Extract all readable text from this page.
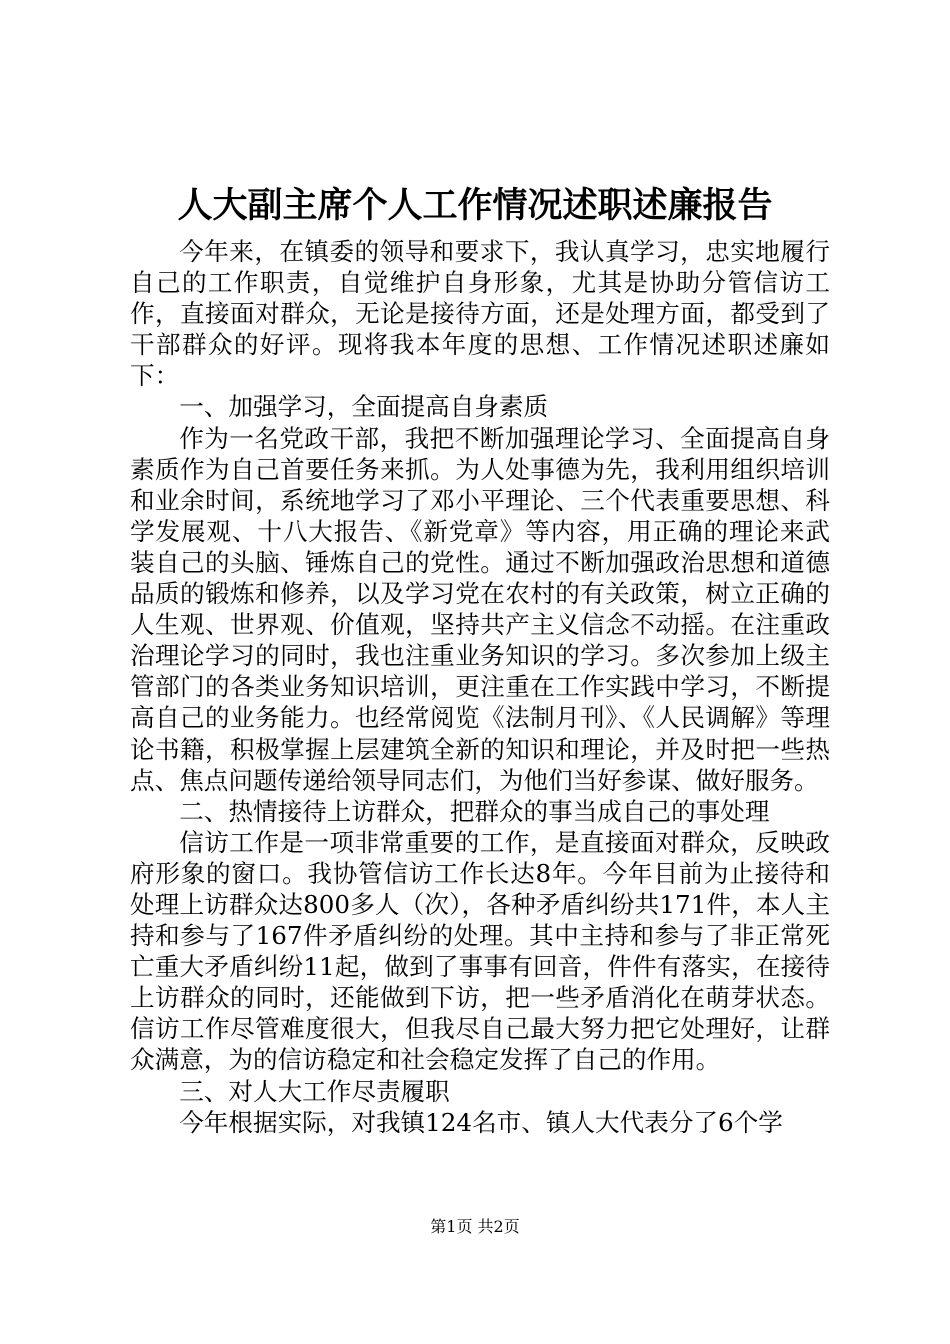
人大副主席个人工作情况述职述廉报告

今年来，在镇委的领导和要求下，我认真学习，忠实地履行自己的工作职责，自觉维护自身形象，尤其是协助分管信访工作，直接面对群众，无论是接待方面，还是处理方面，都受到了干部群众的好评。现将我本年度的思想、工作情况述职述廉如下：

一、加强学习，全面提高自身素质

作为一名党政干部，我把不断加强理论学习、全面提高自身素质作为自己首要任务来抓。为人处事德为先，我利用组织培训和业余时间，系统地学习了邓小平理论、三个代表重要思想、科学发展观、十八大报告、《新党章》等内容，用正确的理论来武装自己的头脑、锤炼自己的党性。通过不断加强政治思想和道德品质的锻炼和修养，以及学习党在农村的有关政策，树立正确的人生观、世界观、价值观，坚持共产主义信念不动摇。在注重政治理论学习的同时，我也注重业务知识的学习。多次参加上级主管部门的各类业务知识培训，更注重在工作实践中学习，不断提高自己的业务能力。也经常阅览《法制月刊》、《人民调解》等理论书籍，积极掌握上层建筑全新的知识和理论，并及时把一些热点、焦点问题传递给领导同志们，为他们当好参谋、做好服务。

二、热情接待上访群众，把群众的事当成自己的事处理

信访工作是一项非常重要的工作，是直接面对群众，反映政府形象的窗口。我协管信访工作长达8年。今年目前为止接待和处理上访群众达800多人（次），各种矛盾纠纷共171件，本人主持和参与了167件矛盾纠纷的处理。其中主持和参与了非正常死亡重大矛盾纠纷11起，做到了事事有回音，件件有落实，在接待上访群众的同时，还能做到下访，把一些矛盾消化在萌芽状态。信访工作尽管难度很大，但我尽自己最大努力把它处理好，让群众满意，为的信访稳定和社会稳定发挥了自己的作用。

三、对人大工作尽责履职

今年根据实际，对我镇124名市、镇人大代表分了6个学

第1页 共2页
